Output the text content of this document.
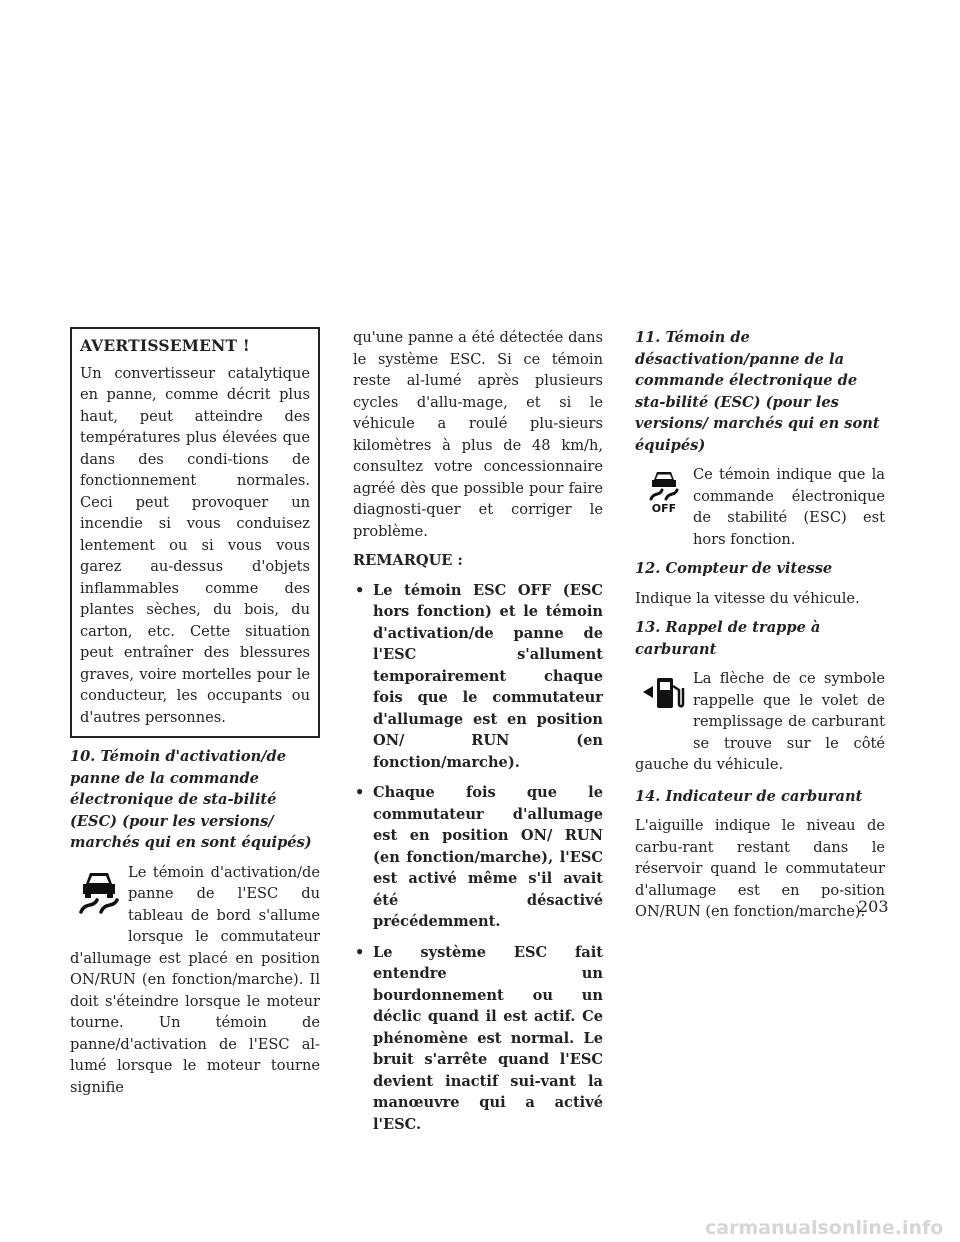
AVERTISSEMENT !

Un convertisseur catalytique en panne, comme décrit plus haut, peut atteindre des températures plus élevées que dans des condi-tions de fonctionnement normales. Ceci peut provoquer un incendie si vous conduisez lentement ou si vous vous garez au-dessus d'objets inflammables comme des plantes sèches, du bois, du carton, etc. Cette situation peut entraîner des blessures graves, voire mortelles pour le conducteur, les occupants ou d'autres personnes.

10. Témoin d'activation/de panne de la commande électronique de sta-bilité (ESC) (pour les versions/ marchés qui en sont équipés)

Le témoin d'activation/de panne de l'ESC du tableau de bord s'allume lorsque le commutateur d'allumage est placé en position ON/RUN (en fonction/marche). Il doit s'éteindre lorsque le moteur tourne. Un témoin de panne/d'activation de l'ESC al-lumé lorsque le moteur tourne signifie

qu'une panne a été détectée dans le système ESC. Si ce témoin reste al-lumé après plusieurs cycles d'allu-mage, et si le véhicule a roulé plu-sieurs kilomètres à plus de 48 km/h, consultez votre concessionnaire agréé dès que possible pour faire diagnosti-quer et corriger le problème.

REMARQUE :

• Le témoin ESC OFF (ESC hors fonction) et le témoin d'activation/de panne de l'ESC s'allument temporairement chaque fois que le commutateur d'allumage est en position ON/ RUN (en fonction/marche).
• Chaque fois que le commutateur d'allumage est en position ON/ RUN (en fonction/marche), l'ESC est activé même s'il avait été désactivé précédemment.
• Le système ESC fait entendre un bourdonnement ou un déclic quand il est actif. Ce phénomène est normal. Le bruit s'arrête quand l'ESC devient inactif sui-vant la manœuvre qui a activé l'ESC.

11. Témoin de désactivation/panne de la commande électronique de sta-bilité (ESC) (pour les versions/ marchés qui en sont équipés)

OFF

Ce témoin indique que la commande électronique de stabilité (ESC) est hors fonction.

12. Compteur de vitesse

Indique la vitesse du véhicule.

13. Rappel de trappe à carburant

La flèche de ce symbole rappelle que le volet de remplissage de carburant se trouve sur le côté gauche du véhicule.

14. Indicateur de carburant

L'aiguille indique le niveau de carbu-rant restant dans le réservoir quand le commutateur d'allumage est en po-sition ON/RUN (en fonction/marche).

203
carmanualsonline.info
